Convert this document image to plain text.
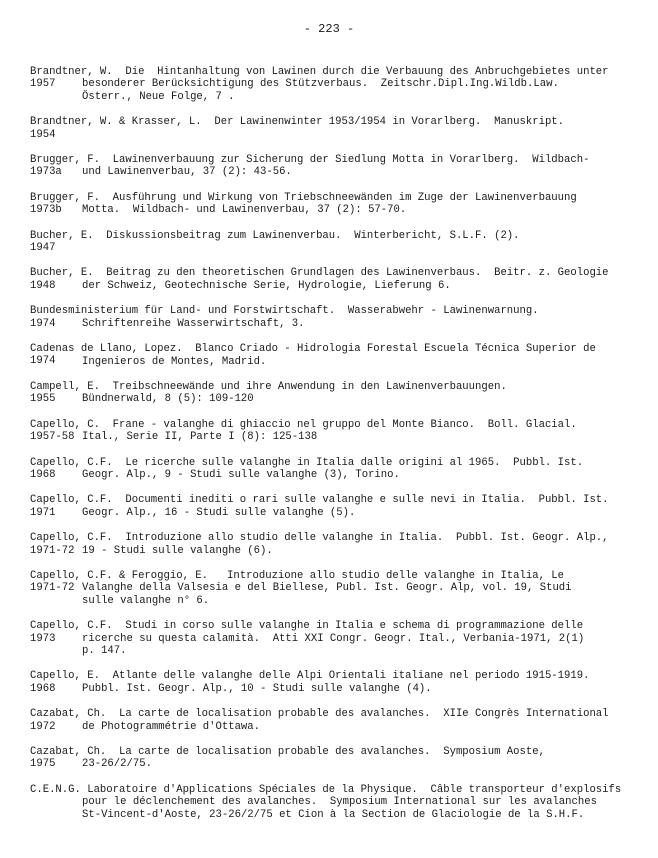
- 223 -
Brandtner, W.  Die  Hintanhaltung von Lawinen durch die Verbauung des Anbruchgebietes unter
besonderer Berücksichtigung des Stützverbaus.  Zeitschr.Dipl.Ing.Wildb.Law.
Österr., Neue Folge, 7 .
1957
Brandtner, W. & Krasser, L.  Der Lawinenwinter 1953/1954 in Vorarlberg.  Manuskript.
1954

Brugger, F.  Lawinenverbauung zur Sicherung der Siedlung Motta in Vorarlberg.  Wildbach-
und Lawinenverbau, 37 (2): 43-56.
1973a
Brugger, F.  Ausführung und Wirkung von Triebschneewänden im Zuge der Lawinenverbauung
Motta.  Wildbach- und Lawinenverbau, 37 (2): 57-70.
1973b
Bucher, E.  Diskussionsbeitrag zum Lawinenverbau.  Winterbericht, S.L.F. (2).
1947

Bucher, E.  Beitrag zu den theoretischen Grundlagen des Lawinenverbaus.  Beitr. z. Geologie
der Schweiz, Geotechnische Serie, Hydrologie, Lieferung 6.
1948
Bundesministerium für Land- und Forstwirtschaft.  Wasserabwehr - Lawinenwarnung.
Schriftenreihe Wasserwirtschaft, 3.
1974
Cadenas de Llano, Lopez.  Blanco Criado - Hidrologia Forestal Escuela Técnica Superior de
Ingenieros de Montes, Madrid.
1974
Campell, E.  Treibschneewände und ihre Anwendung in den Lawinenverbauungen.
Bündnerwald, 8 (5): 109-120
1955
Capello, C.  Frane - valanghe di ghiaccio nel gruppo del Monte Bianco.  Boll. Glacial.
Ital., Serie II, Parte I (8): 125-138
1957-58
Capello, C.F.  Le ricerche sulle valanghe in Italia dalle origini al 1965.  Pubbl. Ist.
Geogr. Alp., 9 - Studi sulle valanghe (3), Torino.
1968
Capello, C.F.  Documenti inediti o rari sulle valanghe e sulle nevi in Italia.  Pubbl. Ist.
Geogr. Alp., 16 - Studi sulle valanghe (5).
1971
Capello, C.F.  Introduzione allo studio delle valanghe in Italia.  Pubbl. Ist. Geogr. Alp.,
19 - Studi sulle valanghe (6).
1971-72
Capello, C.F. & Feroggio, E.   Introduzione allo studio delle valanghe in Italia, Le
Valanghe della Valsesia e del Biellese, Publ. Ist. Geogr. Alp, vol. 19, Studi
sulle valanghe n° 6.
1971-72
Capello, C.F.  Studi in corso sulle valanghe in Italia e schema di programmazione delle
ricerche su questa calamità.  Atti XXI Congr. Geogr. Ital., Verbania-1971, 2(1)
p. 147.
1973
Capello, E.  Atlante delle valanghe delle Alpi Orientali italiane nel periodo 1915-1919.
Pubbl. Ist. Geogr. Alp., 10 - Studi sulle valanghe (4).
1968
Cazabat, Ch.  La carte de localisation probable des avalanches.  XIIe Congrès International
de Photogrammétrie d'Ottawa.
1972
Cazabat, Ch.  La carte de localisation probable des avalanches.  Symposium Aoste,
23-26/2/75.
1975
C.E.N.G. Laboratoire d'Applications Spéciales de la Physique.  Câble transporteur d'explosifs
pour le déclenchement des avalanches.  Symposium International sur les avalanches
St-Vincent-d'Aoste, 23-26/2/75 et Cion à la Section de Glaciologie de la S.H.F.
